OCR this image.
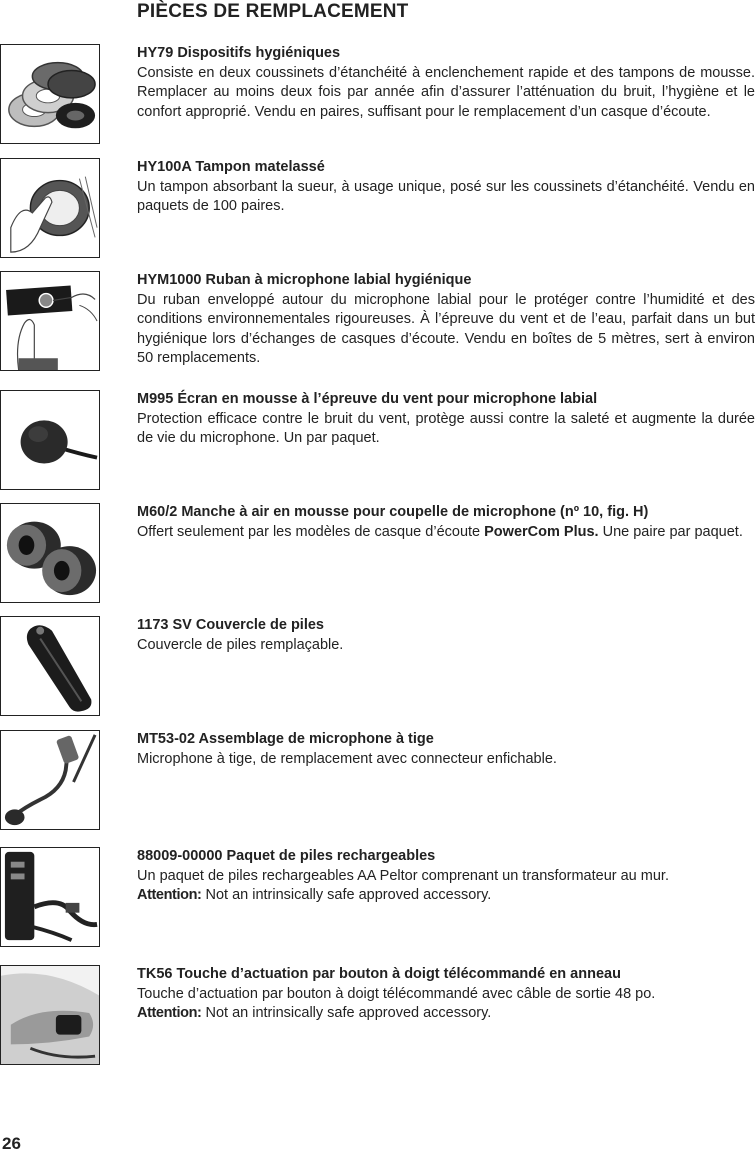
PIÈCES DE REMPLACEMENT
HY79 Dispositifs hygiéniques
Consiste en deux coussinets d’étanchéité à enclenchement rapide et des tampons de mousse. Remplacer au moins deux fois par année afin d’assurer l’atténuation du bruit, l’hygiène et le confort approprié. Vendu en paires, suffisant pour le remplacement d’un casque d’écoute.
HY100A Tampon matelassé
Un tampon absorbant la sueur, à usage unique, posé sur les coussinets d’étanchéité. Vendu en paquets de 100 paires.
HYM1000 Ruban à microphone labial hygiénique
Du ruban enveloppé autour du microphone labial pour le protéger contre l’humidité et des conditions environnementales rigoureuses. À l’épreuve du vent et de l’eau, parfait dans un but hygiénique lors d’échanges de casques d’écoute. Vendu en boîtes de 5 mètres, sert à environ 50 remplacements.
M995 Écran en mousse à l’épreuve du vent pour microphone labial
Protection efficace contre le bruit du vent, protège aussi contre la saleté et augmente la durée de vie du microphone. Un par paquet.
M60/2 Manche à air en mousse pour coupelle de microphone (nº 10, fig. H)
Offert seulement par les modèles de casque d’écoute PowerCom Plus. Une paire par paquet.
1173 SV Couvercle de piles
Couvercle de piles remplaçable.
MT53-02 Assemblage de microphone à tige
Microphone à tige, de remplacement avec connecteur enfichable.
88009-00000 Paquet de piles rechargeables
Un paquet de piles rechargeables AA Peltor comprenant un transformateur au mur.
Attention: Not an intrinsically safe approved accessory.
TK56 Touche d’actuation par bouton à doigt télécommandé en anneau
Touche d’actuation par bouton à doigt télécommandé avec câble de sortie 48 po.
Attention: Not an intrinsically safe approved accessory.
26
